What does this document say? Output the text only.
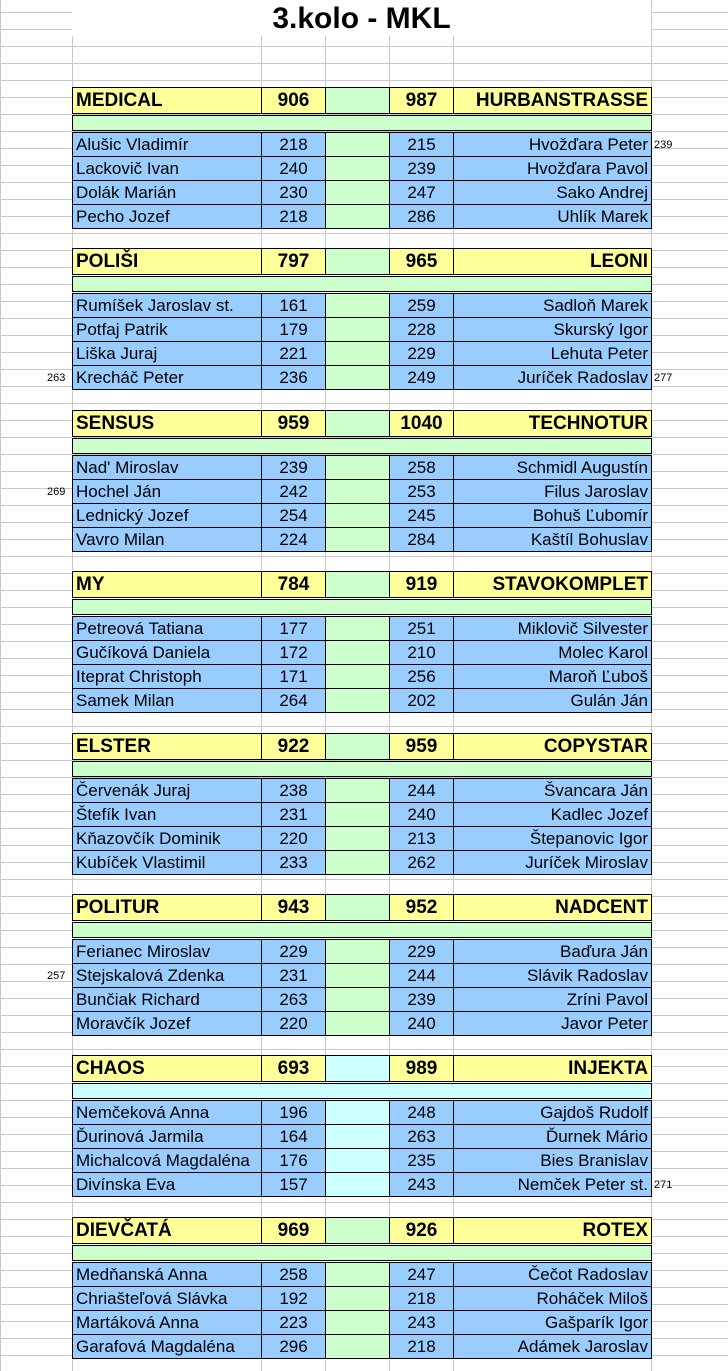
3.kolo - MKL
MEDICAL	906	987	HURBANSTRASSE
Alušic Vladimír	218	215	Hvožďara Peter 239
Lackovič Ivan	240	239	Hvožďara Pavol
Dolák Marián	230	247	Sako Andrej
Pecho Jozef	218	286	Uhlík Marek
POLIŠI	797	965	LEONI
Rumíšek Jaroslav st.	161	259	Sadloň Marek
Potfaj Patrik	179	228	Skurský Igor
Liška Juraj	221	229	Lehuta Peter
Krecháč Peter	236	249	Juríček Radoslav 277
263
SENSUS	959	1040	TECHNOTUR
Nad' Miroslav	239	258	Schmidl Augustín
Hochel Ján	242	253	Filus Jaroslav
269
Lednický Jozef	254	245	Bohuš Ľubomír
Vavro Milan	224	284	Kaštíl Bohuslav
MY	784	919	STAVOKOMPLET
Petreová Tatiana	177	251	Miklovič Silvester
Gučíková Daniela	172	210	Molec Karol
Iteprat Christoph	171	256	Maroň Ľuboš
Samek Milan	264	202	Gulán Ján
ELSTER	922	959	COPYSTAR
Červenák Juraj	238	244	Švancara Ján
Štefík Ivan	231	240	Kadlec Jozef
Kňazovčík Dominik	220	213	Štepanovic Igor
Kubíček Vlastimil	233	262	Juríček Miroslav
POLITUR	943	952	NADCENT
Ferianec Miroslav	229	229	Baďura Ján
Stejskalová Zdenka	231	244	Slávik Radoslav
257
Bunčiak Richard	263	239	Zríni Pavol
Moravčík Jozef	220	240	Javor Peter
CHAOS	693	989	INJEKTA
Nemčeková Anna	196	248	Gajdoš Rudolf
Ďurinová Jarmila	164	263	Ďurnek Mário
Michalcová Magdaléna	176	235	Bies Branislav
Divínska Eva	157	243	Nemček Peter st. 271
DIEVČATÁ	969	926	ROTEX
Medňanská Anna	258	247	Čečot Radoslav
Chriašteľová Slávka	192	218	Roháček Miloš
Martáková Anna	223	243	Gašparík Igor
Garafová Magdaléna	296	218	Adámek Jaroslav
